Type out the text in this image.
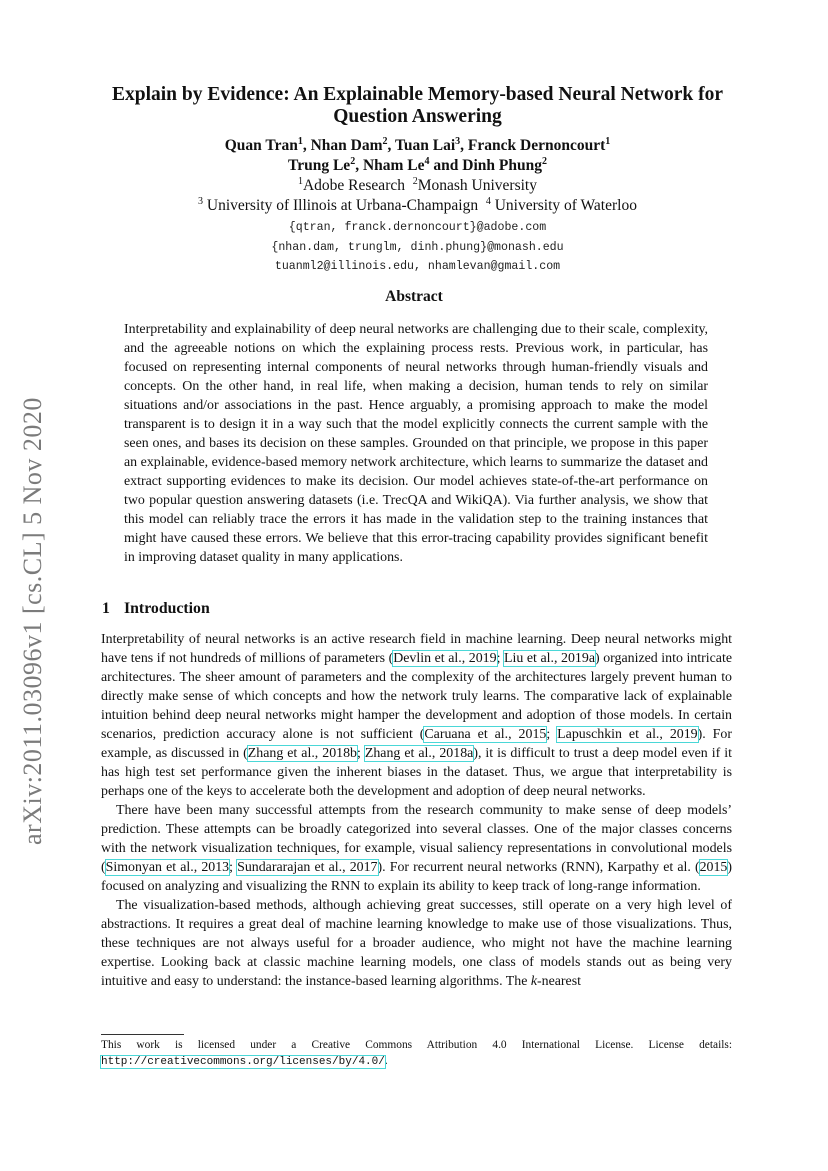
arXiv:2011.03096v1 [cs.CL] 5 Nov 2020
Explain by Evidence: An Explainable Memory-based Neural Network for
Question Answering
Quan Tran$^1$, Nhan Dam$^2$, Tuan Lai$^3$, Franck Dernoncourt$^1$
Trung Le$^2$, Nham Le$^4$ and Dinh Phung$^2$
$^1$Adobe Research  $^2$Monash University
$^3$ University of Illinois at Urbana-Champaign  $^4$ University of Waterloo
{qtran, franck.dernoncourt}@adobe.com
{nhan.dam, trunglm, dinh.phung}@monash.edu
tuanml2@illinois.edu, nhamlevan@gmail.com
Abstract

Interpretability and explainability of deep neural networks are challenging due to their scale, complexity, and the agreeable notions on which the explaining process rests. Previous work, in particular, has focused on representing internal components of neural networks through human-friendly visuals and concepts. On the other hand, in real life, when making a decision, human tends to rely on similar situations and/or associations in the past. Hence arguably, a promising approach to make the model transparent is to design it in a way such that the model explicitly connects the current sample with the seen ones, and bases its decision on these samples. Grounded on that principle, we propose in this paper an explainable, evidence-based memory network architecture, which learns to summarize the dataset and extract supporting evidences to make its decision. Our model achieves state-of-the-art performance on two popular question answering datasets (i.e. TrecQA and WikiQA). Via further analysis, we show that this model can reliably trace the errors it has made in the validation step to the training instances that might have caused these errors. We believe that this error-tracing capability provides significant benefit in improving dataset quality in many applications.

1 Introduction

Interpretability of neural networks is an active research field in machine learning. Deep neural networks might have tens if not hundreds of millions of parameters (Devlin et al., 2019; Liu et al., 2019a) organized into intricate architectures. The sheer amount of parameters and the complexity of the architectures largely prevent human to directly make sense of which concepts and how the network truly learns. The comparative lack of explainable intuition behind deep neural networks might hamper the development and adoption of those models. In certain scenarios, prediction accuracy alone is not sufficient (Caruana et al., 2015; Lapuschkin et al., 2019). For example, as discussed in (Zhang et al., 2018b; Zhang et al., 2018a), it is difficult to trust a deep model even if it has high test set performance given the inherent biases in the dataset. Thus, we argue that interpretability is perhaps one of the keys to accelerate both the development and adoption of deep neural networks.

There have been many successful attempts from the research community to make sense of deep models’ prediction. These attempts can be broadly categorized into several classes. One of the major classes concerns with the network visualization techniques, for example, visual saliency representations in convolutional models (Simonyan et al., 2013; Sundararajan et al., 2017). For recurrent neural networks (RNN), Karpathy et al. (2015) focused on analyzing and visualizing the RNN to explain its ability to keep track of long-range information.

The visualization-based methods, although achieving great successes, still operate on a very high level of abstractions. It requires a great deal of machine learning knowledge to make use of those visualizations. Thus, these techniques are not always useful for a broader audience, who might not have the machine learning expertise. Looking back at classic machine learning models, one class of models stands out as being very intuitive and easy to understand: the instance-based learning algorithms. The k-nearest

This work is licensed under a Creative Commons Attribution 4.0 International License. License details: http://creativecommons.org/licenses/by/4.0/.
